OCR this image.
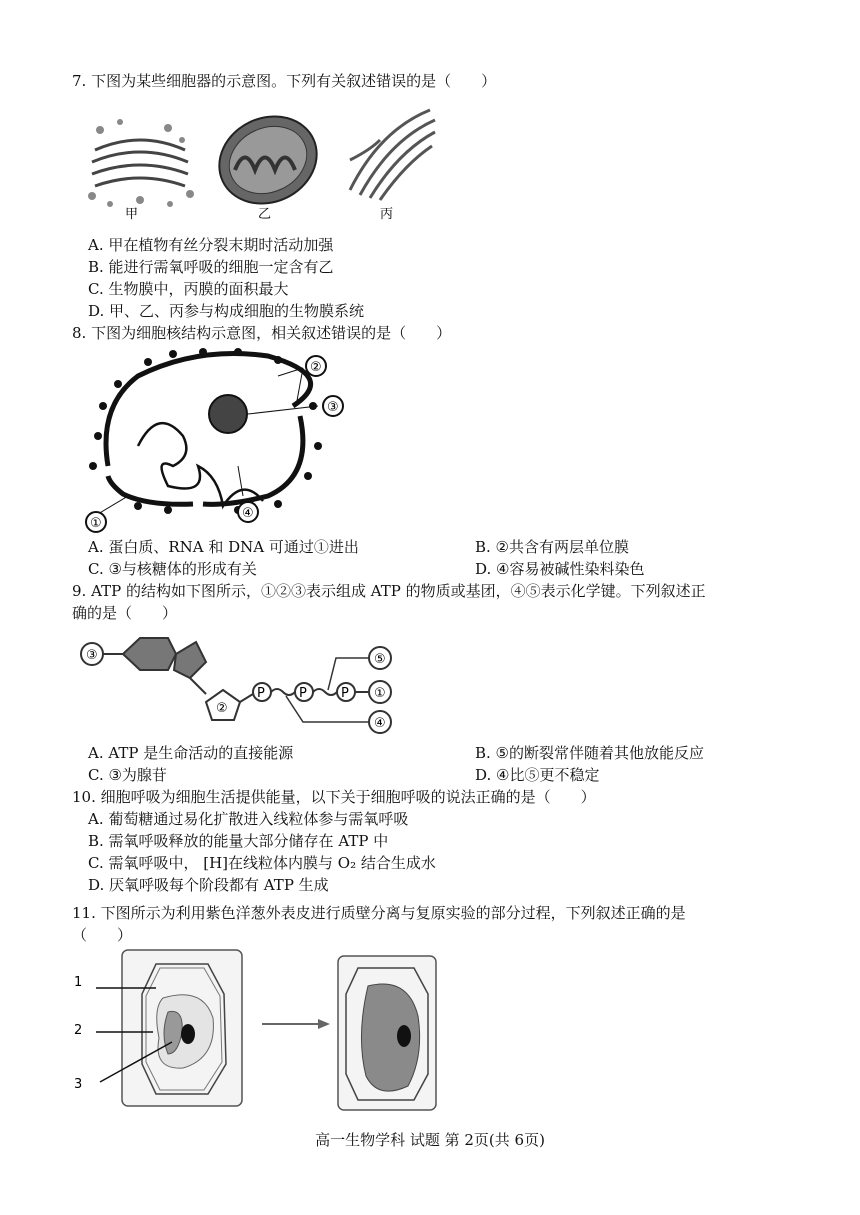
7. 下图为某些细胞器的示意图。下列有关叙述错误的是（　　）
甲	乙	丙
A. 甲在植物有丝分裂末期时活动加强
B. 能进行需氧呼吸的细胞一定含有乙
C. 生物膜中，丙膜的面积最大
D. 甲、乙、丙参与构成细胞的生物膜系统
8. 下图为细胞核结构示意图，相关叙述错误的是（　　）
②
③
①
④
A. 蛋白质、RNA 和 DNA 可通过①进出	B. ②共含有两层单位膜
C. ③与核糖体的形成有关	D. ④容易被碱性染料染色
9. ATP 的结构如下图所示，①②③表示组成 ATP 的物质或基团，④⑤表示化学键。下列叙述正
确的是（　　）
③
②
P	P	P ①
⑤
④
A. ATP 是生命活动的直接能源	B. ⑤的断裂常伴随着其他放能反应
C. ③为腺苷	D. ④比⑤更不稳定
10. 细胞呼吸为细胞生活提供能量，以下关于细胞呼吸的说法正确的是（　　）
A. 葡萄糖通过易化扩散进入线粒体参与需氧呼吸
B. 需氧呼吸释放的能量大部分储存在 ATP 中
C. 需氧呼吸中， [H]在线粒体内膜与 O₂ 结合生成水
D. 厌氧呼吸每个阶段都有 ATP 生成
11. 下图所示为利用紫色洋葱外表皮进行质壁分离与复原实验的部分过程，下列叙述正确的是
（　　）
1
2
3
高一生物学科 试题 第 2页(共 6页)
